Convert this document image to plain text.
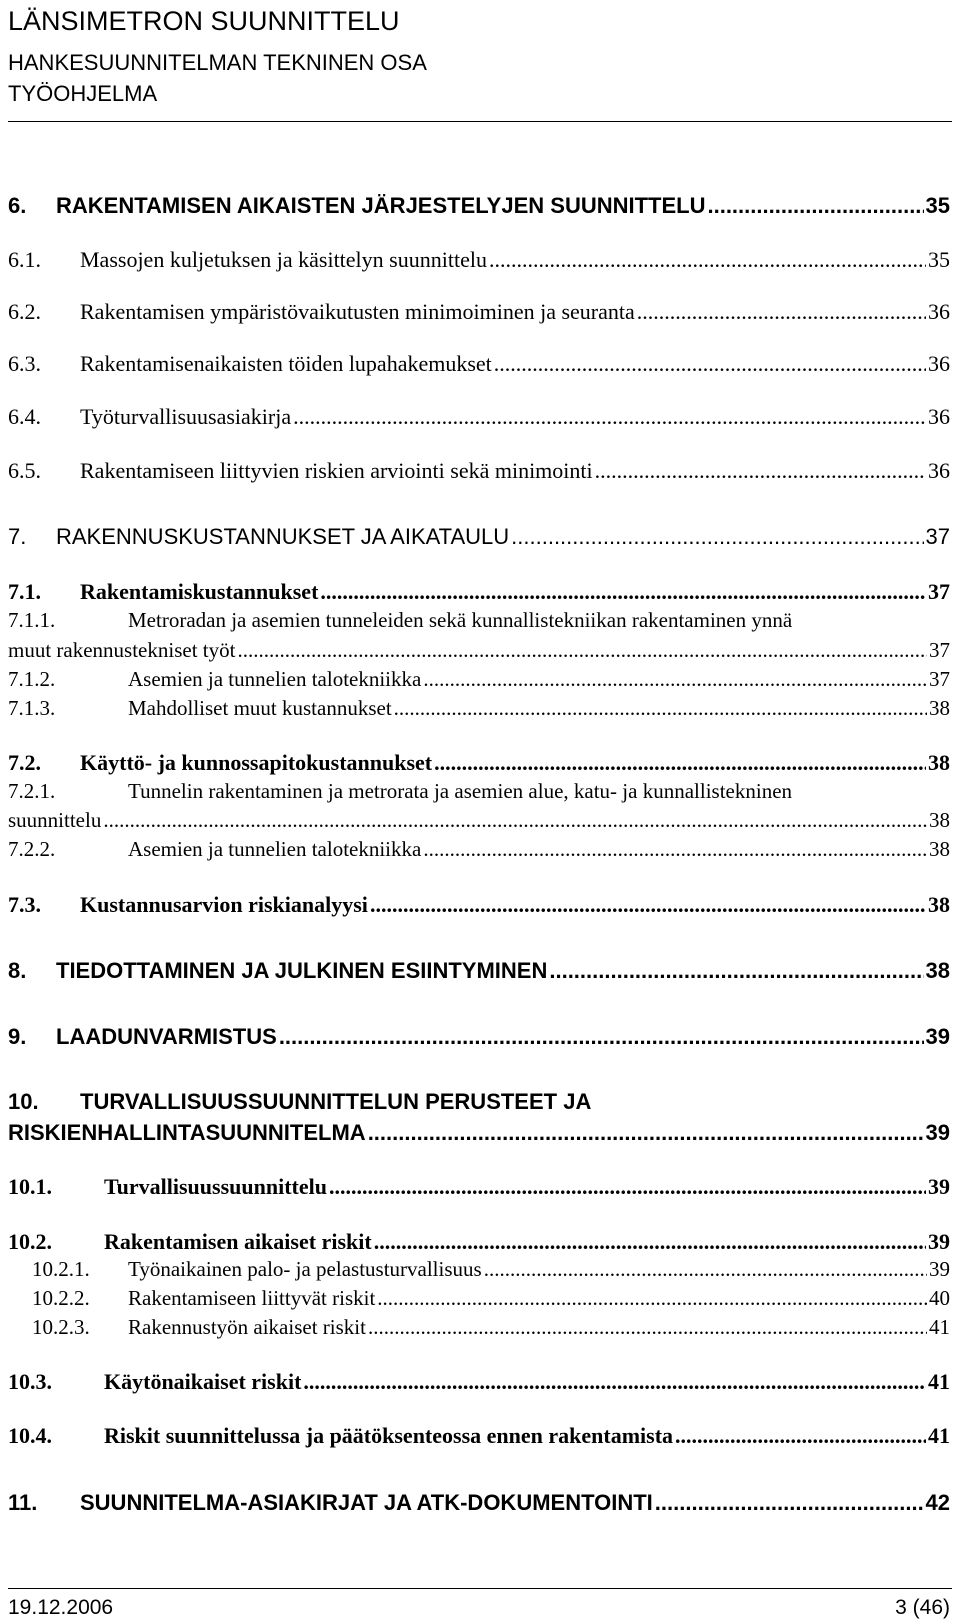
LÄNSIMETRON SUUNNITTELU
HANKESUUNNITELMAN TEKNINEN OSA
TYÖOHJELMA
6.	RAKENTAMISEN AIKAISTEN JÄRJESTELYJEN SUUNNITTELU .....	35
6.1.	Massojen kuljetuksen ja käsittelyn suunnittelu .....	35
6.2.	Rakentamisen ympäristövaikutusten minimoiminen ja seuranta .....	36
6.3.	Rakentamisenaikaisten töiden lupahakemukset .....	36
6.4.	Työturvallisuusasiakirja .....	36
6.5.	Rakentamiseen liittyvien riskien arviointi sekä minimointi .....	36
7.	RAKENNUSKUSTANNUKSET JA AIKATAULU .....	37
7.1.	Rakentamiskustannukset .....	37
7.1.1.	Metroradan ja asemien tunneleiden sekä kunnallistekniikan rakentaminen ynnä
muut rakennustekniset työt .....	37
7.1.2.	Asemien ja tunnelien talotekniikka .....	37
7.1.3.	Mahdolliset muut kustannukset .....	38
7.2.	Käyttö- ja kunnossapitokustannukset .....	38
7.2.1.	Tunnelin rakentaminen ja metrorata ja asemien alue, katu- ja kunnallistekninen
suunnittelu .....	38
7.2.2.	Asemien ja tunnelien talotekniikka .....	38
7.3.	Kustannusarvion riskianalyysi .....	38
8.	TIEDOTTAMINEN JA JULKINEN ESIINTYMINEN .....	38
9.	LAADUNVARMISTUS .....	39
10.	TURVALLISUUSSUUNNITTELUN PERUSTEET JA
RISKIENHALLINTASUUNNITELMA .....	39
10.1.	Turvallisuussuunnittelu .....	39
10.2.	Rakentamisen aikaiset riskit .....	39
10.2.1.	Työnaikainen palo- ja pelastusturvallisuus .....	39
10.2.2.	Rakentamiseen liittyvät riskit .....	40
10.2.3.	Rakennustyön aikaiset riskit .....	41
10.3.	Käytönaikaiset riskit .....	41
10.4.	Riskit suunnittelussa ja päätöksenteossa ennen rakentamista .....	41
11.	SUUNNITELMA-ASIAKIRJAT JA ATK-DOKUMENTOINTI .....	42
19.12.2006	3 (46)
